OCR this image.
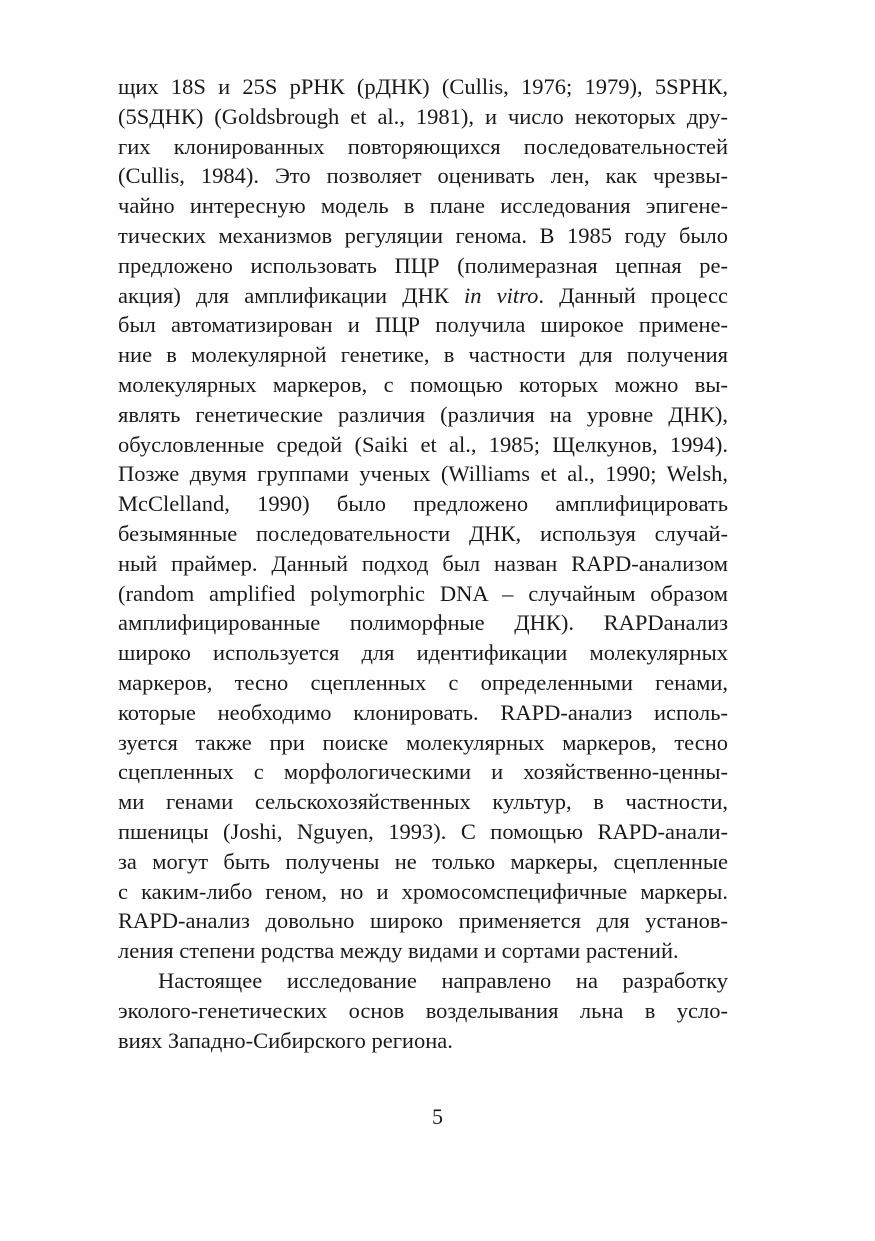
щих 18S и 25S рРНК (рДНК) (Cullis, 1976; 1979), 5SРНК,
(5SДНК) (Goldsbrough et al., 1981), и число некоторых дру-
гих клонированных повторяющихся последовательностей
(Cullis, 1984). Это позволяет оценивать лен, как чрезвы-
чайно интересную модель в плане исследования эпигене-
тических механизмов регуляции генома. В 1985 году было
предложено использовать ПЦР (полимеразная цепная ре-
акция) для амплификации ДНК in vitro. Данный процесс
был автоматизирован и ПЦР получила широкое примене-
ние в молекулярной генетике, в частности для получения
молекулярных маркеров, с помощью которых можно вы-
являть генетические различия (различия на уровне ДНК),
обусловленные средой (Saiki et al., 1985; Щелкунов, 1994).
Позже двумя группами ученых (Williams et al., 1990; Welsh,
McClelland, 1990) было предложено амплифицировать
безымянные последовательности ДНК, используя случай-
ный праймер. Данный подход был назван RAPD-анализом
(random amplified polymorphic DNA – случайным образом
амплифицированные полиморфные ДНК). RAPDанализ
широко используется для идентификации молекулярных
маркеров, тесно сцепленных с определенными генами,
которые необходимо клонировать. RAPD-анализ исполь-
зуется также при поиске молекулярных маркеров, тесно
сцепленных с морфологическими и хозяйственно-ценны-
ми генами сельскохозяйственных культур, в частности,
пшеницы (Joshi, Nguyen, 1993). С помощью RAPD-анали-
за могут быть получены не только маркеры, сцепленные
с каким-либо геном, но и хромосомспецифичные маркеры.
RAPD-анализ довольно широко применяется для установ-
ления степени родства между видами и сортами растений.
Настоящее исследование направлено на разработку
эколого-генетических основ возделывания льна в усло-
виях Западно-Сибирского региона.
5
